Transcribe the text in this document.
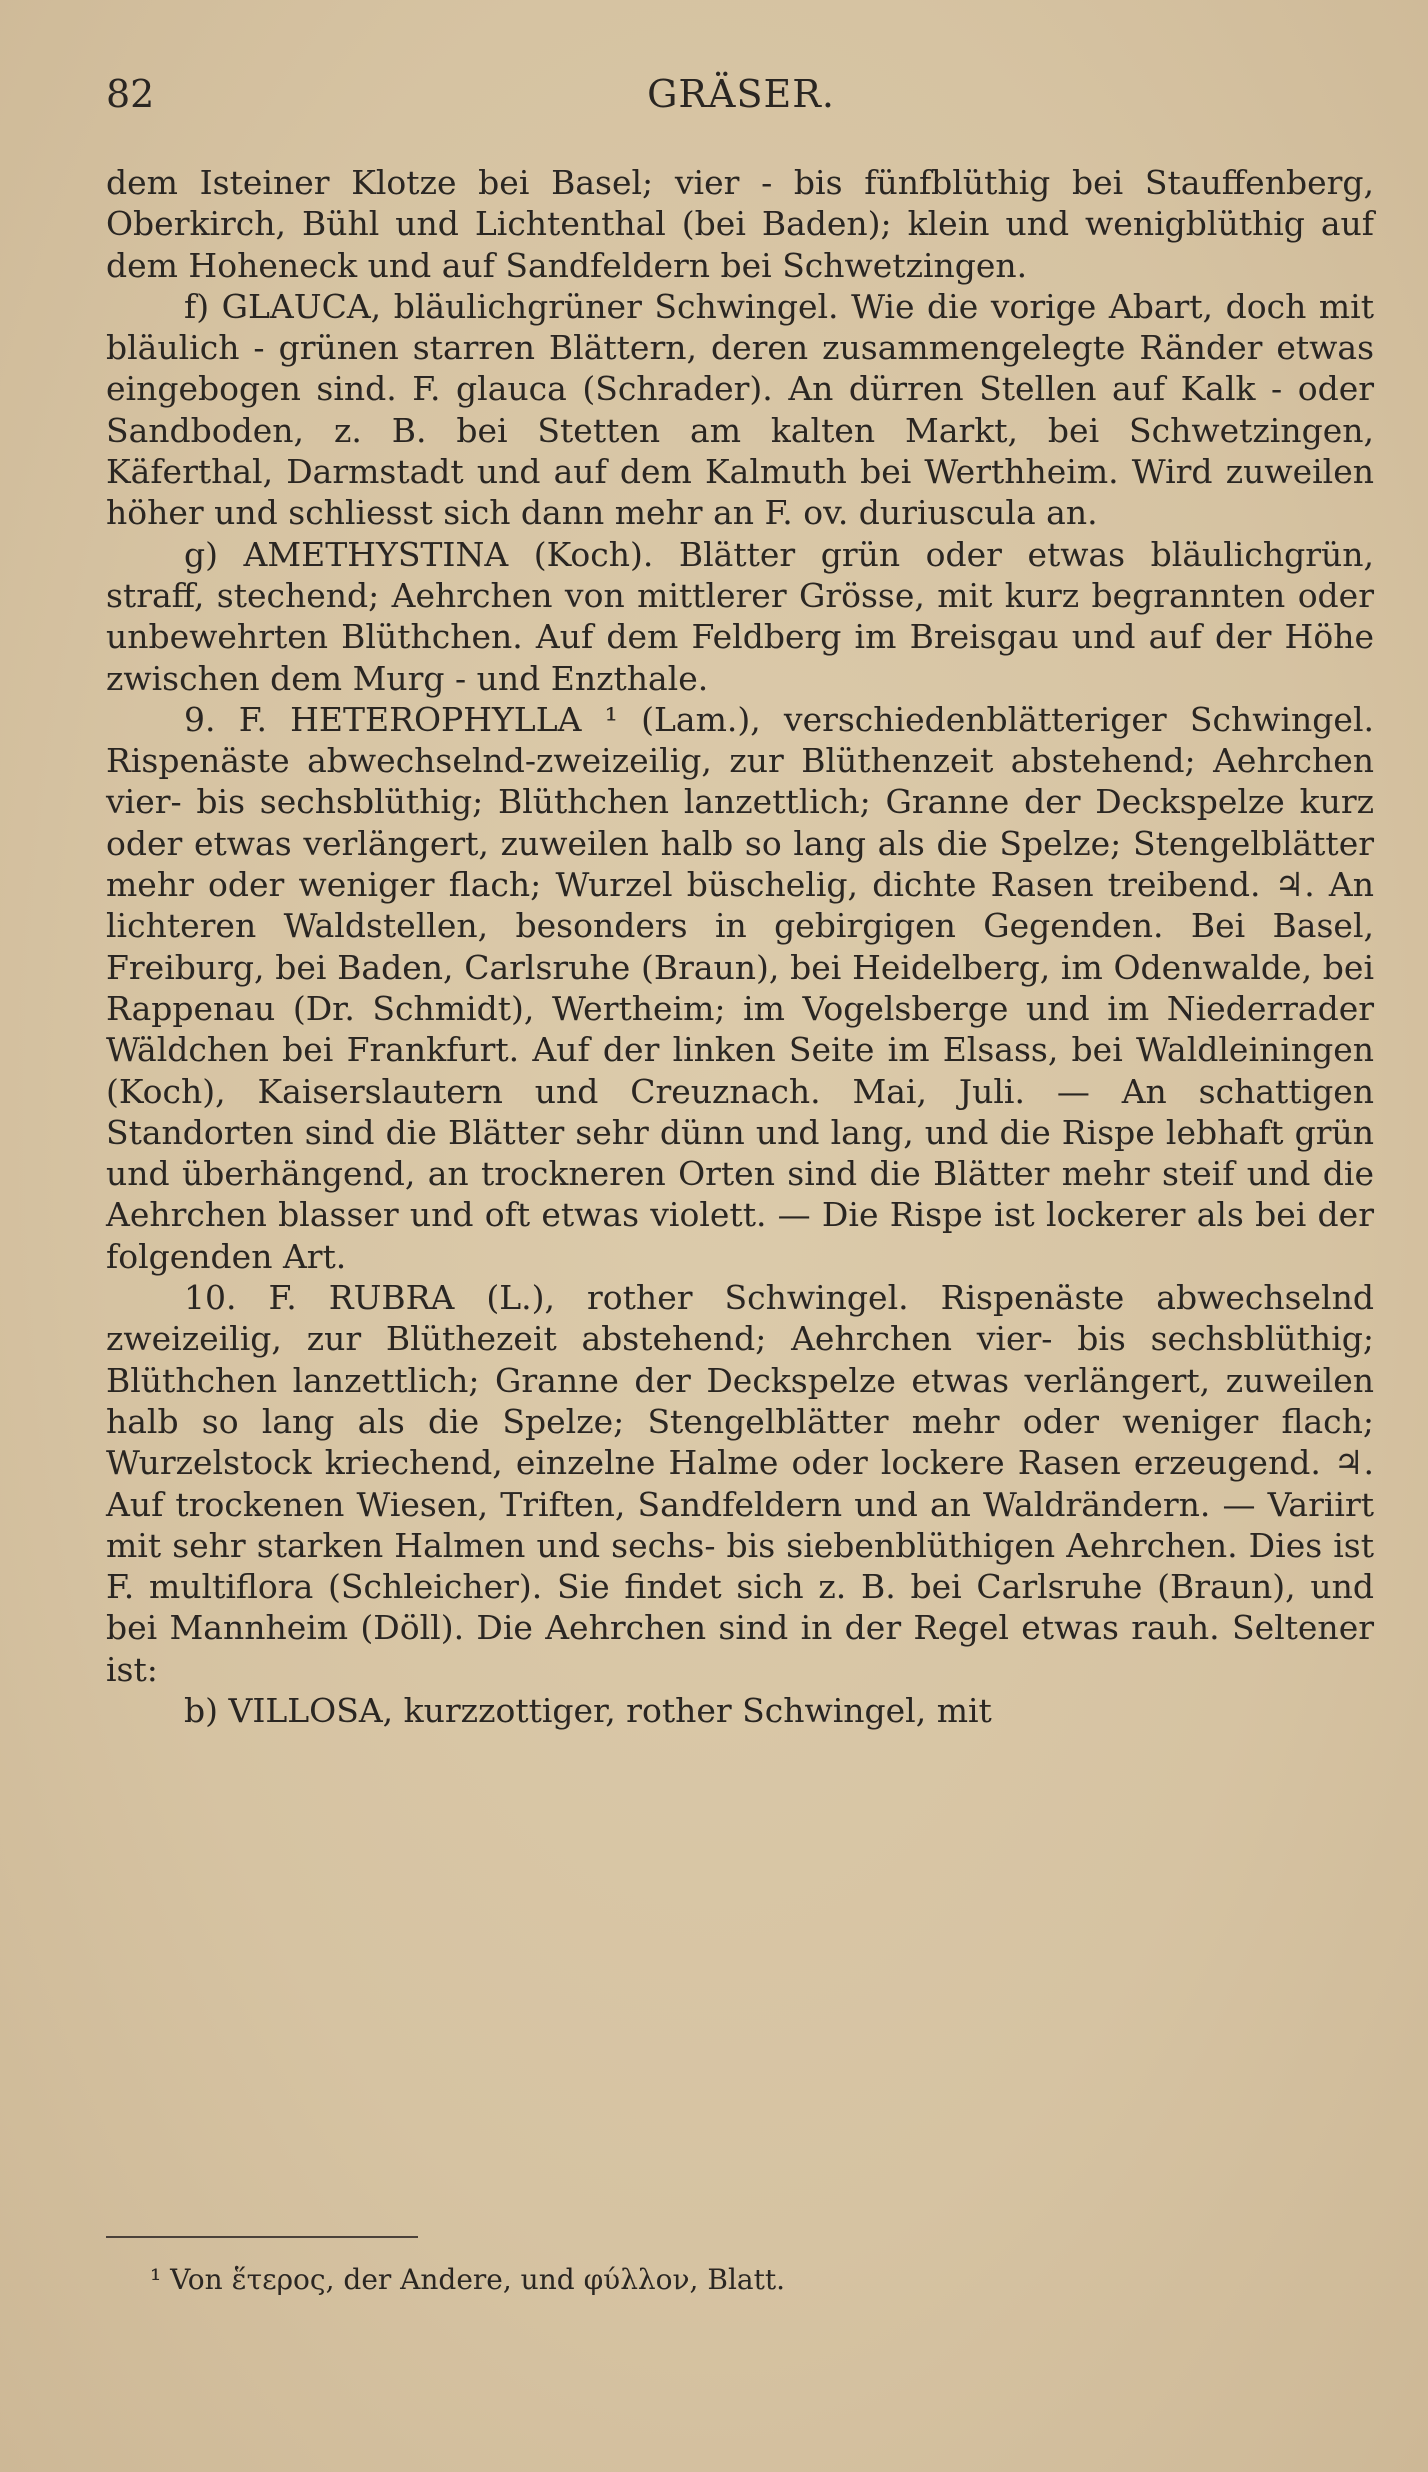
82	GRÄSER.

dem Isteiner Klotze bei Basel; vier - bis fünfblüthig bei Stauffenberg, Oberkirch, Bühl und Lichtenthal (bei Baden); klein und wenigblüthig auf dem Hoheneck und auf Sandfeldern bei Schwetzingen.

f) GLAUCA, bläulichgrüner Schwingel. Wie die vorige Abart, doch mit bläulich - grünen starren Blättern, deren zusammengelegte Ränder etwas eingebogen sind. F. glauca (Schrader). An dürren Stellen auf Kalk - oder Sandboden, z. B. bei Stetten am kalten Markt, bei Schwetzingen, Käferthal, Darmstadt und auf dem Kalmuth bei Werthheim. Wird zuweilen höher und schliesst sich dann mehr an F. ov. duriuscula an.

g) AMETHYSTINA (Koch). Blätter grün oder etwas bläulichgrün, straff, stechend; Aehrchen von mittlerer Grösse, mit kurz begrannten oder unbewehrten Blüthchen. Auf dem Feldberg im Breisgau und auf der Höhe zwischen dem Murg - und Enzthale.

9. F. HETEROPHYLLA ¹ (Lam.), verschiedenblätteriger Schwingel. Rispenäste abwechselnd-zweizeilig, zur Blüthenzeit abstehend; Aehrchen vier- bis sechsblüthig; Blüthchen lanzettlich; Granne der Deckspelze kurz oder etwas verlängert, zuweilen halb so lang als die Spelze; Stengelblätter mehr oder weniger flach; Wurzel büschelig, dichte Rasen treibend. ♃. An lichteren Waldstellen, besonders in gebirgigen Gegenden. Bei Basel, Freiburg, bei Baden, Carlsruhe (Braun), bei Heidelberg, im Odenwalde, bei Rappenau (Dr. Schmidt), Wertheim; im Vogelsberge und im Niederrader Wäldchen bei Frankfurt. Auf der linken Seite im Elsass, bei Waldleiningen (Koch), Kaiserslautern und Creuznach. Mai, Juli. — An schattigen Standorten sind die Blätter sehr dünn und lang, und die Rispe lebhaft grün und überhängend, an trockneren Orten sind die Blätter mehr steif und die Aehrchen blasser und oft etwas violett. — Die Rispe ist lockerer als bei der folgenden Art.

10. F. RUBRA (L.), rother Schwingel. Rispenäste abwechselnd zweizeilig, zur Blüthezeit abstehend; Aehrchen vier- bis sechsblüthig; Blüthchen lanzettlich; Granne der Deckspelze etwas verlängert, zuweilen halb so lang als die Spelze; Stengelblätter mehr oder weniger flach; Wurzelstock kriechend, einzelne Halme oder lockere Rasen erzeugend. ♃. Auf trockenen Wiesen, Triften, Sandfeldern und an Waldrändern. — Variirt mit sehr starken Halmen und sechs- bis siebenblüthigen Aehrchen. Dies ist F. multiflora (Schleicher). Sie findet sich z. B. bei Carlsruhe (Braun), und bei Mannheim (Döll). Die Aehrchen sind in der Regel etwas rauh. Seltener ist:

b) VILLOSA, kurzzottiger, rother Schwingel, mit

¹ Von ἕτερος, der Andere, und φύλλον, Blatt.
